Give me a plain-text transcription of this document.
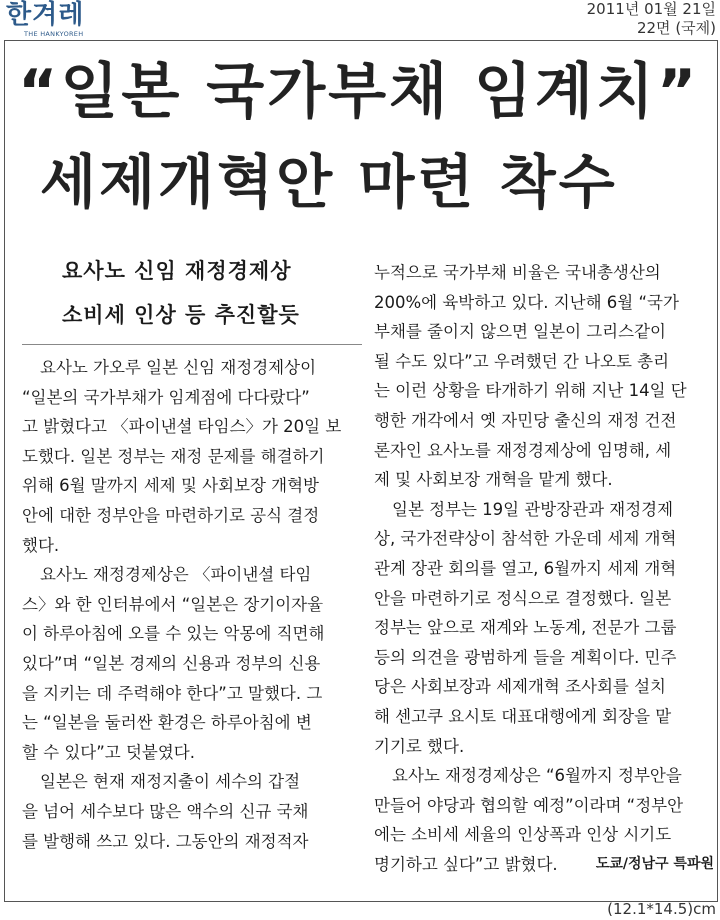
한겨레
THE HANKYOREH
2011년 01월 21일
22면 (국제)
“일본 국가부채 임계치”
세제개혁안 마련 착수
요사노 신임 재정경제상
소비세 인상 등 추진할듯
요사노 가오루 일본 신임 재정경제상이
“일본의 국가부채가 임계점에 다다랐다”
고 밝혔다고 〈파이낸셜 타임스〉가 20일 보
도했다. 일본 정부는 재정 문제를 해결하기
위해 6월 말까지 세제 및 사회보장 개혁방
안에 대한 정부안을 마련하기로 공식 결정
했다.
요사노 재정경제상은 〈파이낸셜 타임
스〉와 한 인터뷰에서 “일본은 장기이자율
이 하루아침에 오를 수 있는 악몽에 직면해
있다”며 “일본 경제의 신용과 정부의 신용
을 지키는 데 주력해야 한다”고 말했다. 그
는 “일본을 둘러싼 환경은 하루아침에 변
할 수 있다”고 덧붙였다.
일본은 현재 재정지출이 세수의 갑절
을 넘어 세수보다 많은 액수의 신규 국채
를 발행해 쓰고 있다. 그동안의 재정적자
누적으로 국가부채 비율은 국내총생산의
200%에 육박하고 있다. 지난해 6월 “국가
부채를 줄이지 않으면 일본이 그리스같이
될 수도 있다”고 우려했던 간 나오토 총리
는 이런 상황을 타개하기 위해 지난 14일 단
행한 개각에서 옛 자민당 출신의 재정 건전
론자인 요사노를 재정경제상에 임명해, 세
제 및 사회보장 개혁을 맡게 했다.
일본 정부는 19일 관방장관과 재정경제
상, 국가전략상이 참석한 가운데 세제 개혁
관계 장관 회의를 열고, 6월까지 세제 개혁
안을 마련하기로 정식으로 결정했다. 일본
정부는 앞으로 재계와 노동계, 전문가 그룹
등의 의견을 광범하게 들을 계획이다. 민주
당은 사회보장과 세제개혁 조사회를 설치
해 센고쿠 요시토 대표대행에게 회장을 맡
기기로 했다.
요사노 재정경제상은 “6월까지 정부안을
만들어 야당과 협의할 예정”이라며 “정부안
에는 소비세 세율의 인상폭과 인상 시기도
명기하고 싶다”고 밝혔다.	도쿄/정남구 특파원
(12.1*14.5)cm
